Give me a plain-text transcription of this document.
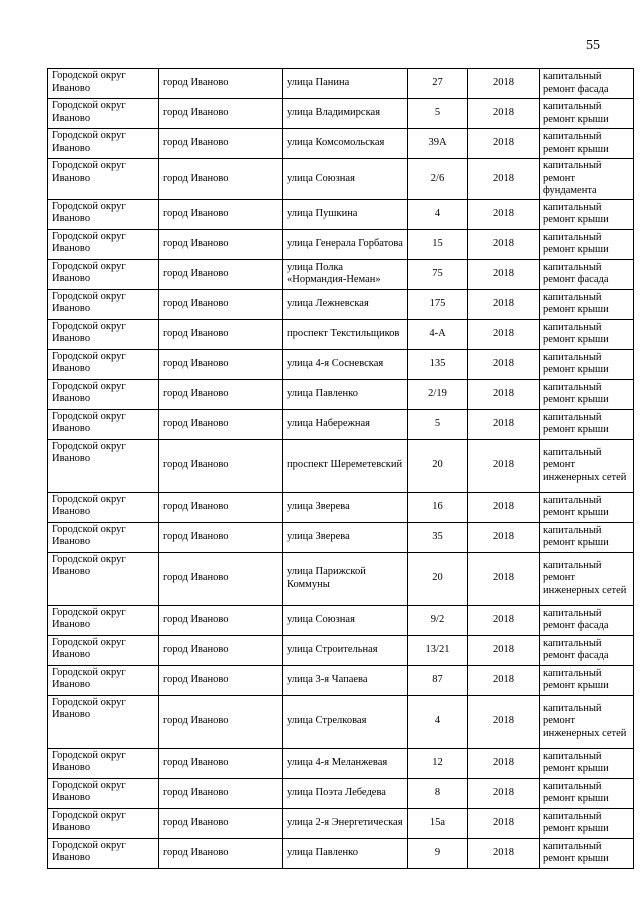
55
Городской округ Иваново	город Иваново	улица Панина	27	2018	капитальный ремонт фасада
Городской округ Иваново	город Иваново	улица Владимирская	5	2018	капитальный ремонт крыши
Городской округ Иваново	город Иваново	улица Комсомольская	39А	2018	капитальный ремонт крыши
Городской округ Иваново	город Иваново	улица Союзная	2/6	2018	капитальный ремонт фундамента
Городской округ Иваново	город Иваново	улица Пушкина	4	2018	капитальный ремонт крыши
Городской округ Иваново	город Иваново	улица Генерала Горбатова	15	2018	капитальный ремонт крыши
Городской округ Иваново	город Иваново	улица Полка «Нормандия-Неман»	75	2018	капитальный ремонт фасада
Городской округ Иваново	город Иваново	улица Лежневская	175	2018	капитальный ремонт крыши
Городской округ Иваново	город Иваново	проспект Текстильщиков	4-А	2018	капитальный ремонт крыши
Городской округ Иваново	город Иваново	улица 4-я Сосневская	135	2018	капитальный ремонт крыши
Городской округ Иваново	город Иваново	улица Павленко	2/19	2018	капитальный ремонт крыши
Городской округ Иваново	город Иваново	улица Набережная	5	2018	капитальный ремонт крыши
Городской округ Иваново	город Иваново	проспект Шереметевский	20	2018	капитальный ремонт инженерных сетей
Городской округ Иваново	город Иваново	улица Зверева	16	2018	капитальный ремонт крыши
Городской округ Иваново	город Иваново	улица Зверева	35	2018	капитальный ремонт крыши
Городской округ Иваново	город Иваново	улица Парижской Коммуны	20	2018	капитальный ремонт инженерных сетей
Городской округ Иваново	город Иваново	улица Союзная	9/2	2018	капитальный ремонт фасада
Городской округ Иваново	город Иваново	улица Строительная	13/21	2018	капитальный ремонт фасада
Городской округ Иваново	город Иваново	улица 3-я Чапаева	87	2018	капитальный ремонт крыши
Городской округ Иваново	город Иваново	улица Стрелковая	4	2018	капитальный ремонт инженерных сетей
Городской округ Иваново	город Иваново	улица 4-я Меланжевая	12	2018	капитальный ремонт крыши
Городской округ Иваново	город Иваново	улица Поэта Лебедева	8	2018	капитальный ремонт крыши
Городской округ Иваново	город Иваново	улица 2-я Энергетическая	15а	2018	капитальный ремонт крыши
Городской округ Иваново	город Иваново	улица Павленко	9	2018	капитальный ремонт крыши
